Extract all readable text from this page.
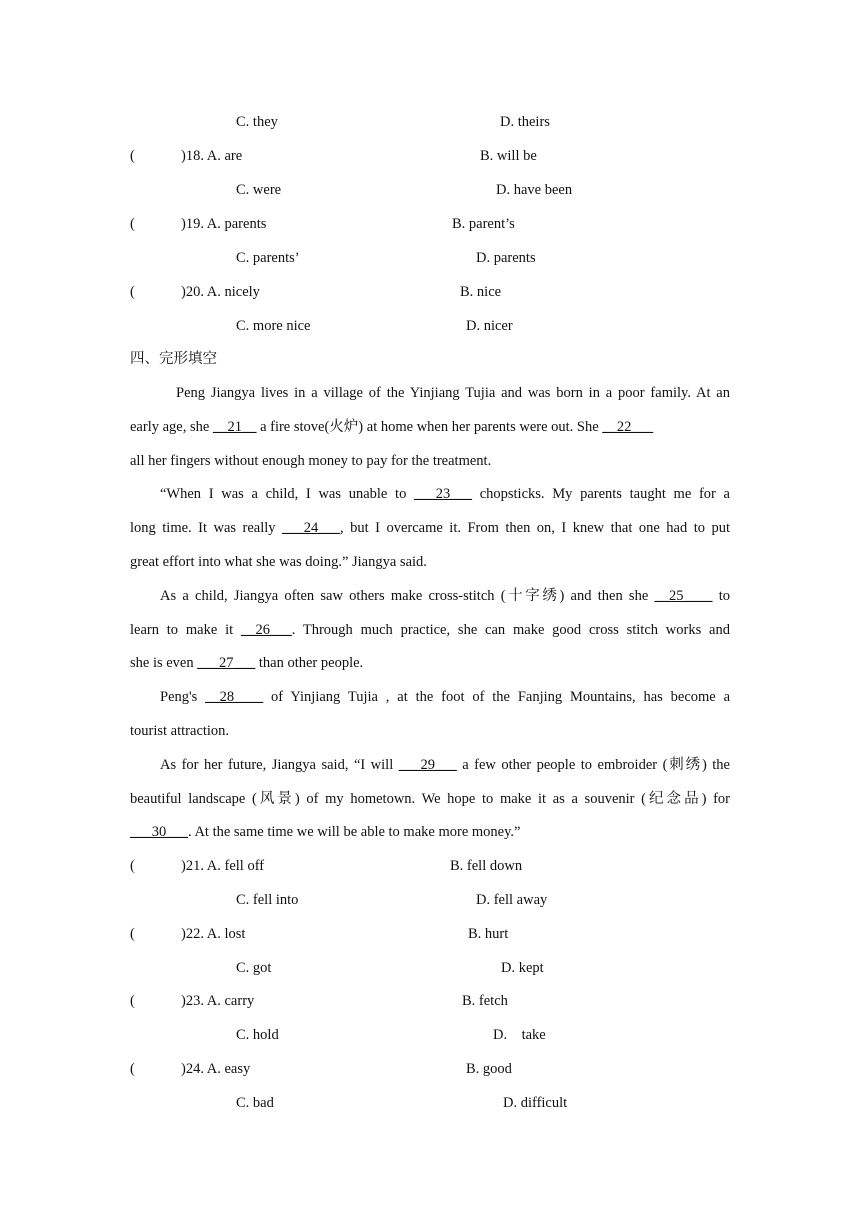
C. they	D. theirs
(	)18. A. are	B. will be
C. were	D. have been
(	)19. A. parents	B. parent’s
C. parents’	D. parents
(	)20. A. nicely	B. nice
C. more nice	D. nicer
四、完形填空
Peng Jiangya lives in a village of the Yinjiang Tujia and was born in a poor family. At an
early age, she __21__ a fire stove(火炉) at home when her parents were out. She __22___
all her fingers without enough money to pay for the treatment.
“When I was a child, I was unable to ___23___ chopsticks. My parents taught me for a
long time. It was really ___24___, but I overcame it. From then on, I knew that one had to put
great effort into what she was doing.” Jiangya said.
As a child, Jiangya often saw others make cross-stitch (十字绣) and then she __25____ to
learn to make it __26___. Through much practice, she can make good cross stitch works and
she is even ___27___ than other people.
Peng's __28____ of Yinjiang Tujia , at the foot of the Fanjing Mountains, has become a
tourist attraction.
As for her future, Jiangya said, “I will ___29___ a few other people to embroider (刺绣) the
beautiful landscape (风景) of my hometown. We hope to make it as a souvenir (纪念品) for
___30___. At the same time we will be able to make more money.”
(	)21. A. fell off	B. fell down
C. fell into	D. fell away
(	)22. A. lost	B. hurt
C. got	D. kept
(	)23. A. carry	B. fetch
C. hold	D.    take
(	)24. A. easy	B. good
C. bad	D. difficult
